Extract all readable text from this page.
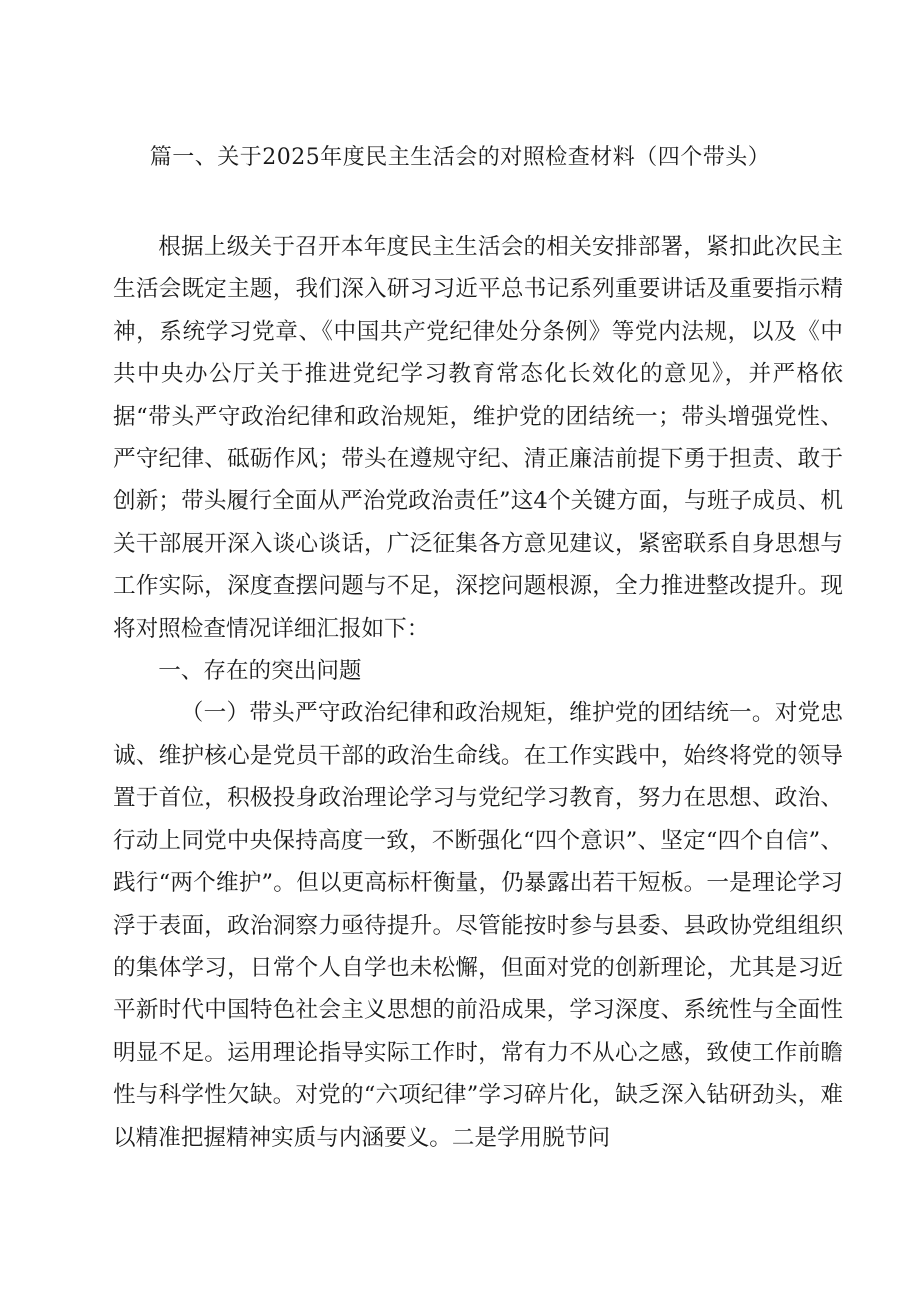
篇一、关于2025年度民主生活会的对照检查材料（四个带头）

根据上级关于召开本年度民主生活会的相关安排部署，紧扣此次民主生活会既定主题，我们深入研习习近平总书记系列重要讲话及重要指示精神，系统学习党章、《中国共产党纪律处分条例》等党内法规，以及《中共中央办公厅关于推进党纪学习教育常态化长效化的意见》，并严格依据“带头严守政治纪律和政治规矩，维护党的团结统一；带头增强党性、严守纪律、砥砺作风；带头在遵规守纪、清正廉洁前提下勇于担责、敢于创新；带头履行全面从严治党政治责任”这4个关键方面，与班子成员、机关干部展开深入谈心谈话，广泛征集各方意见建议，紧密联系自身思想与工作实际，深度查摆问题与不足，深挖问题根源，全力推进整改提升。现将对照检查情况详细汇报如下：

一、存在的突出问题

（一）带头严守政治纪律和政治规矩，维护党的团结统一。对党忠诚、维护核心是党员干部的政治生命线。在工作实践中，始终将党的领导置于首位，积极投身政治理论学习与党纪学习教育，努力在思想、政治、行动上同党中央保持高度一致，不断强化“四个意识”、坚定“四个自信”、践行“两个维护”。但以更高标杆衡量，仍暴露出若干短板。一是理论学习浮于表面，政治洞察力亟待提升。尽管能按时参与县委、县政协党组组织的集体学习，日常个人自学也未松懈，但面对党的创新理论，尤其是习近平新时代中国特色社会主义思想的前沿成果，学习深度、系统性与全面性明显不足。运用理论指导实际工作时，常有力不从心之感，致使工作前瞻性与科学性欠缺。对党的“六项纪律”学习碎片化，缺乏深入钻研劲头，难以精准把握精神实质与内涵要义。二是学用脱节问
